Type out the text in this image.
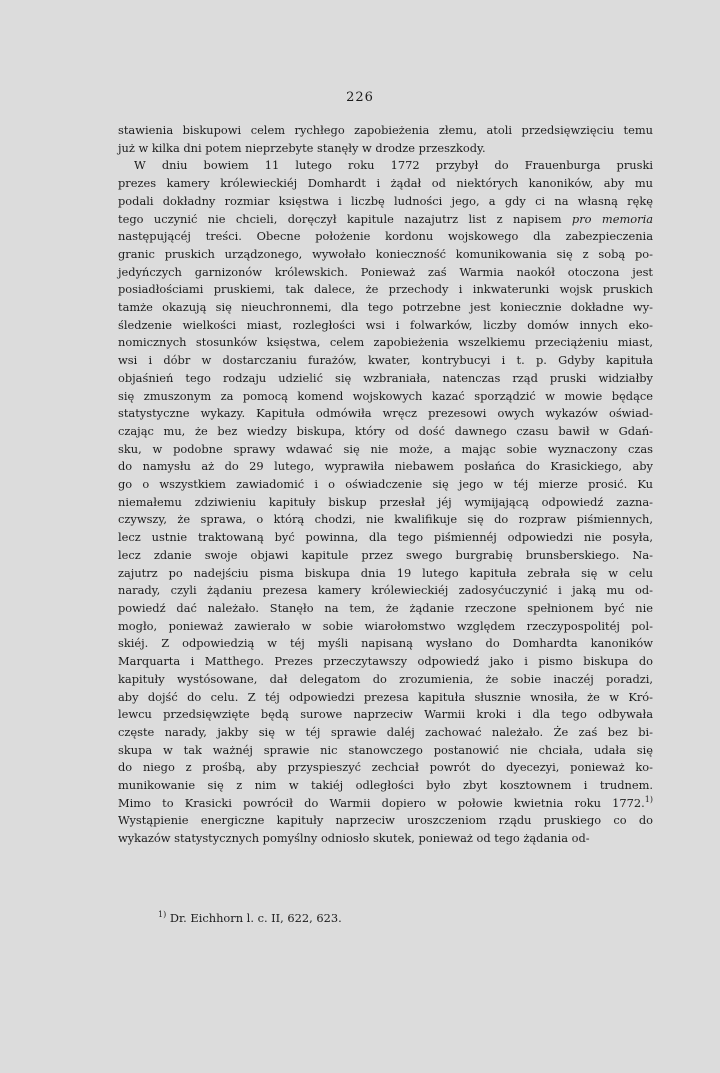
226
stawienia biskupowi celem rychłego zapobieżenia złemu, atoli przedsięwzięciu temu
już w kilka dni potem nieprzebyte stanęły w drodze przeszkody.
W dniu bowiem 11 lutego roku 1772 przybył do Frauenburga pruski
prezes kamery królewieckiéj Domhardt i żądał od niektórych kanoników, aby mu
podali dokładny rozmiar księstwa i liczbę ludności jego, a gdy ci na własną rękę
tego uczynić nie chcieli, doręczył kapitule nazajutrz list z napisem pro memoria
następującéj treści. Obecne położenie kordonu wojskowego dla zabezpieczenia
granic pruskich urządzonego, wywołało konieczność komunikowania się z sobą po-
jedyńczych garnizonów królewskich. Ponieważ zaś Warmia naokół otoczona jest
posiadłościami pruskiemi, tak dalece, że przechody i inkwaterunki wojsk pruskich
tamże okazują się nieuchronnemi, dla tego potrzebne jest koniecznie dokładne wy-
śledzenie wielkości miast, rozległości wsi i folwarków, liczby domów innych eko-
nomicznych stosunków księstwa, celem zapobieżenia wszelkiemu przeciążeniu miast,
wsi i dóbr w dostarczaniu furażów, kwater, kontrybucyi i t. p. Gdyby kapituła
objaśnień tego rodzaju udzielić się wzbraniała, natenczas rząd pruski widziałby
się zmuszonym za pomocą komend wojskowych kazać sporządzić w mowie będące
statystyczne wykazy. Kapituła odmówiła wręcz prezesowi owych wykazów oświad-
czając mu, że bez wiedzy biskupa, który od dość dawnego czasu bawił w Gdań-
sku, w podobne sprawy wdawać się nie może, a mając sobie wyznaczony czas
do namysłu aż do 29 lutego, wyprawiła niebawem posłańca do Krasickiego, aby
go o wszystkiem zawiadomić i o oświadczenie się jego w téj mierze prosić. Ku
niemałemu zdziwieniu kapituły biskup przesłał jéj wymijającą odpowiedź zazna-
czywszy, że sprawa, o którą chodzi, nie kwalifikuje się do rozpraw piśmiennych,
lecz ustnie traktowaną być powinna, dla tego piśmiennéj odpowiedzi nie posyła,
lecz zdanie swoje objawi kapitule przez swego burgrabię brunsberskiego. Na-
zajutrz po nadejściu pisma biskupa dnia 19 lutego kapituła zebrała się w celu
narady, czyli żądaniu prezesa kamery królewieckiéj zadosyćuczynić i jaką mu od-
powiedź dać należało. Stanęło na tem, że żądanie rzeczone spełnionem być nie
mogło, ponieważ zawierało w sobie wiarołomstwo względem rzeczypospolitéj pol-
skiéj. Z odpowiedzią w téj myśli napisaną wysłano do Domhardta kanoników
Marquarta i Matthego. Prezes przeczytawszy odpowiedź jako i pismo biskupa do
kapituły wystósowane, dał delegatom do zrozumienia, że sobie inaczéj poradzi,
aby dojść do celu. Z téj odpowiedzi prezesa kapituła słusznie wnosiła, że w Kró-
lewcu przedsięwzięte będą surowe naprzeciw Warmii kroki i dla tego odbywała
częste narady, jakby się w téj sprawie daléj zachować należało. Że zaś bez bi-
skupa w tak ważnéj sprawie nic stanowczego postanowić nie chciała, udała się
do niego z prośbą, aby przyspieszyć zechciał powrót do dyecezyi, ponieważ ko-
munikowanie się z nim w takiéj odległości było zbyt kosztownem i trudnem.
Mimo to Krasicki powrócił do Warmii dopiero w połowie kwietnia roku 1772.$^{1)}$
Wystąpienie energiczne kapituły naprzeciw uroszczeniom rządu pruskiego co do
wykazów statystycznych pomyślny odniosło skutek, ponieważ od tego żądania od-
$^{1)}$ Dr. Eichhorn l. c. II, 622, 623.
